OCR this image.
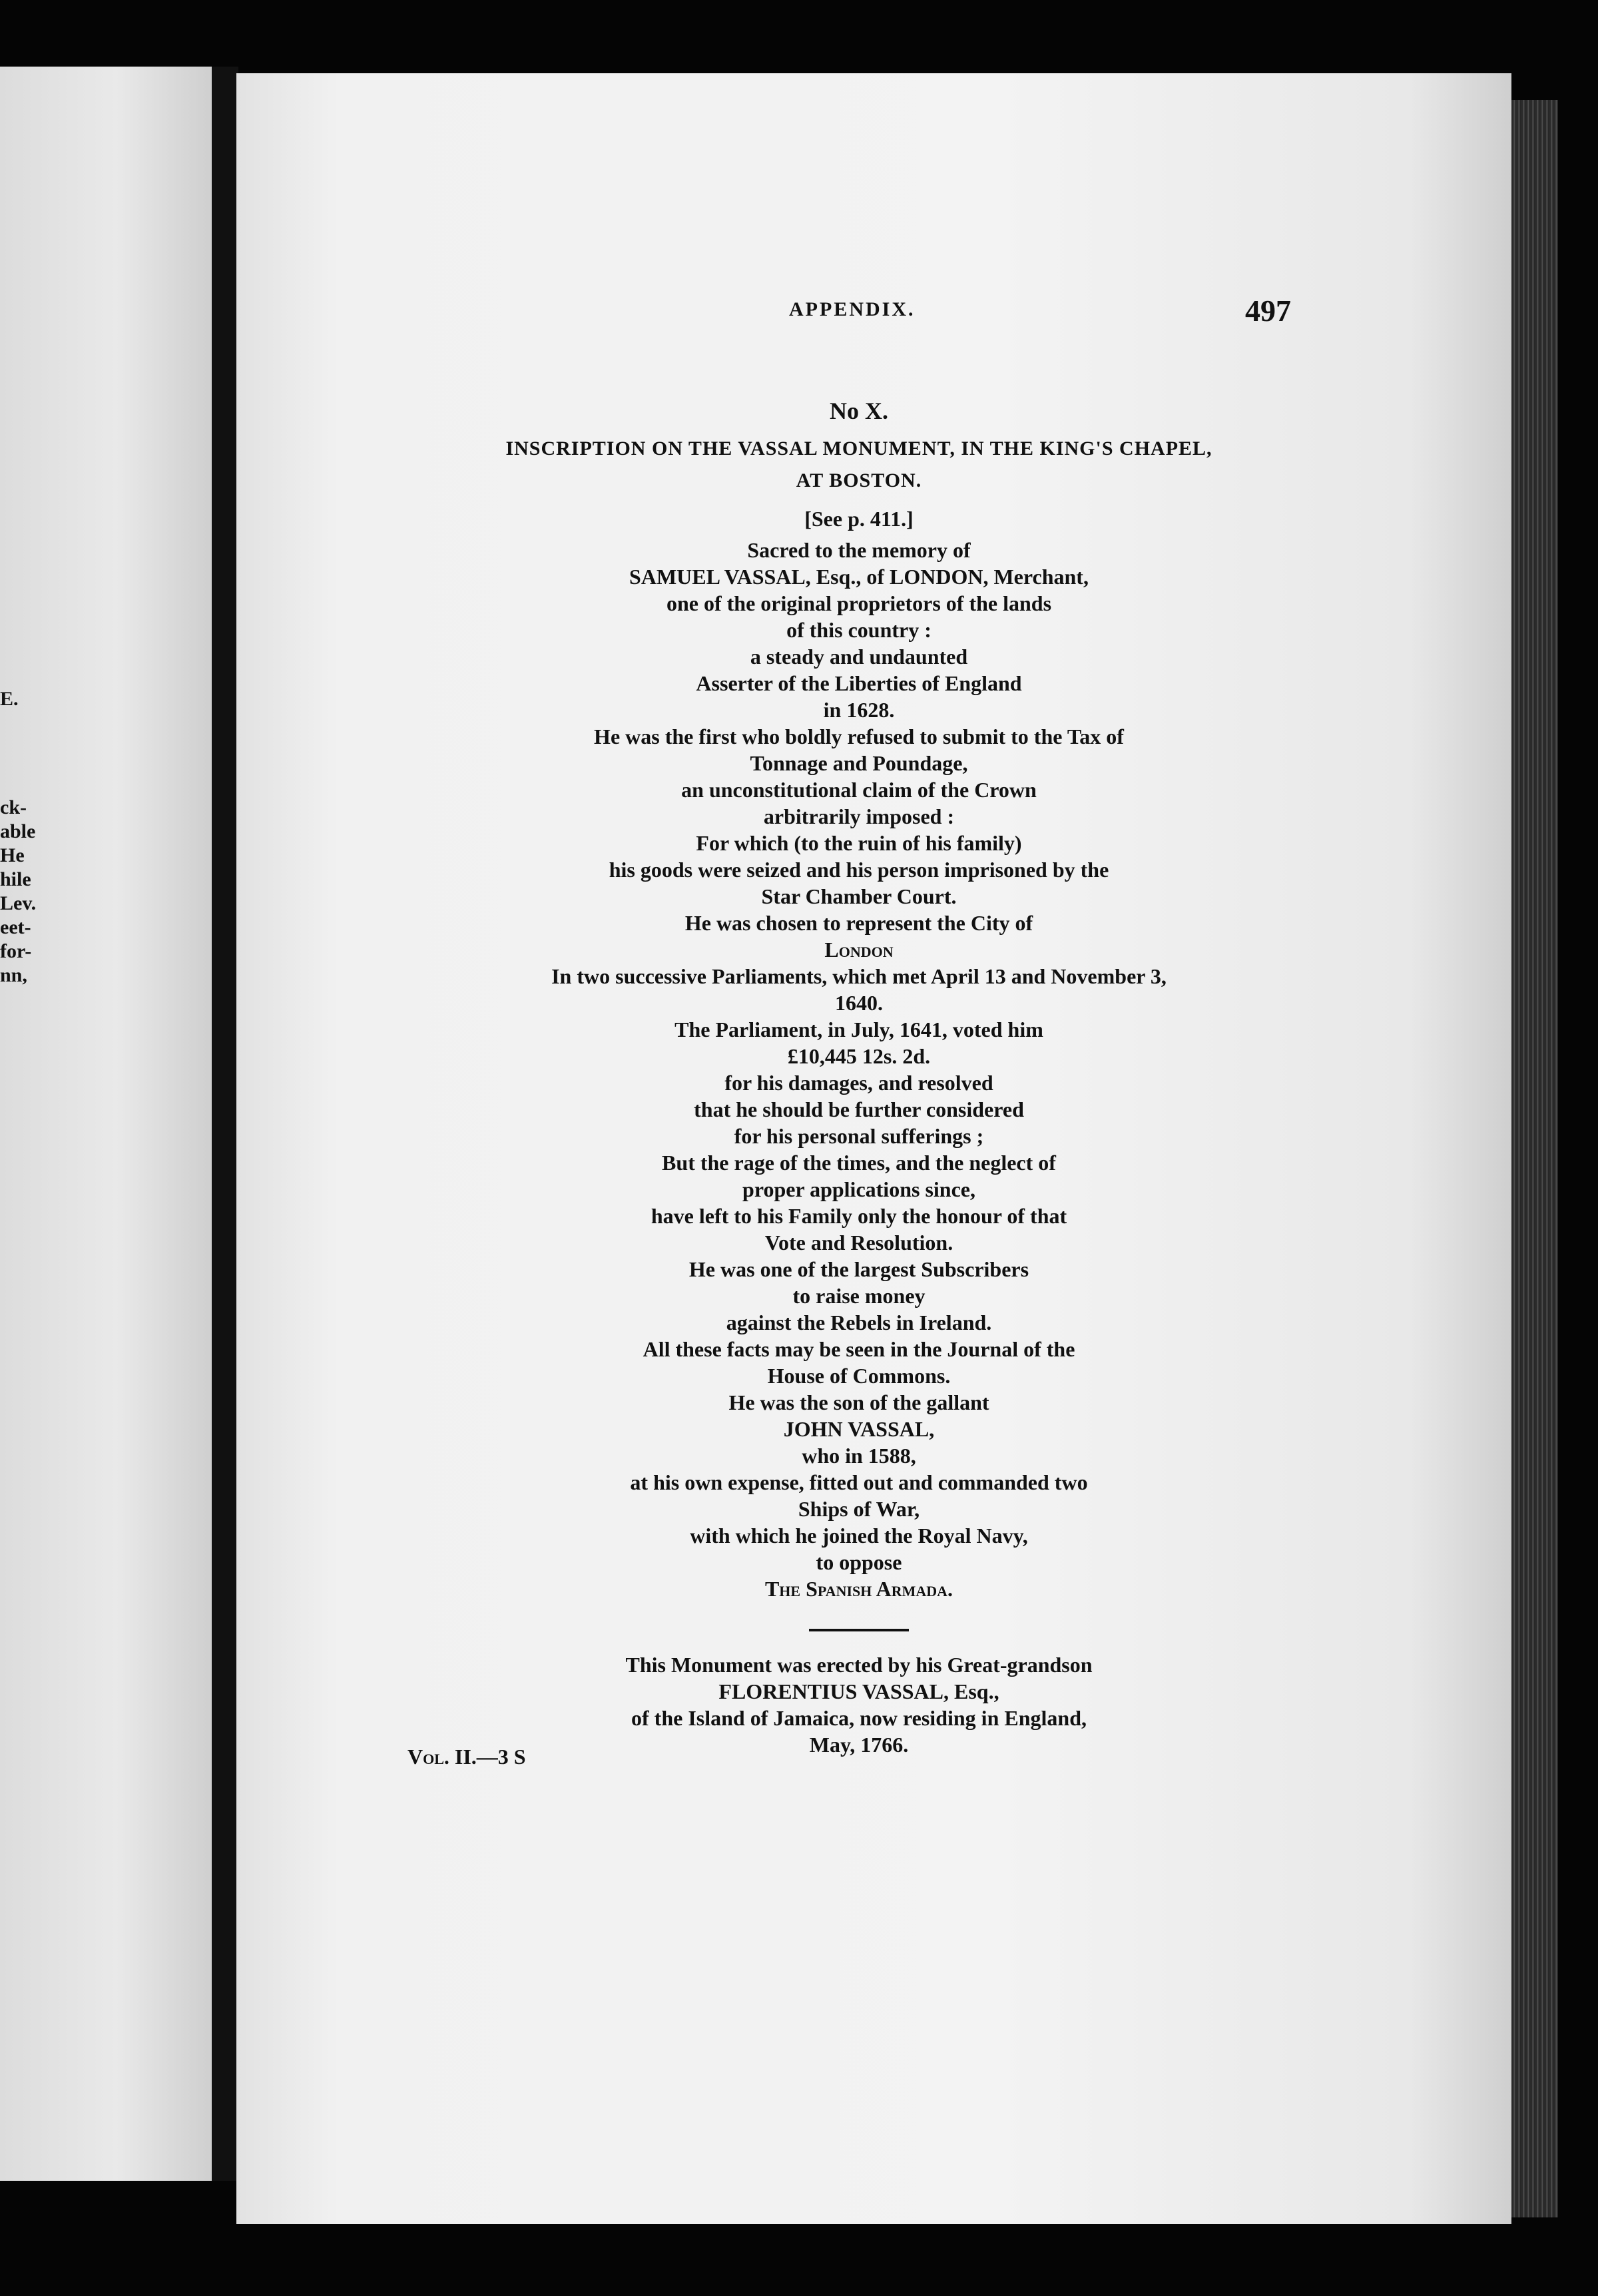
E.
ck-
able
He
hile
Lev.
eet-
for-
nn,
APPENDIX.	497
No X.
INSCRIPTION ON THE VASSAL MONUMENT, IN THE KING'S CHAPEL,
AT BOSTON.
[See p. 411.]
Sacred to the memory of
SAMUEL VASSAL, Esq., of LONDON, Merchant,
one of the original proprietors of the lands
of this country :
a steady and undaunted
Asserter of the Liberties of England
in 1628.
He was the first who boldly refused to submit to the Tax of
Tonnage and Poundage,
an unconstitutional claim of the Crown
arbitrarily imposed :
For which (to the ruin of his family)
his goods were seized and his person imprisoned by the
Star Chamber Court.
He was chosen to represent the City of
London
In two successive Parliaments, which met April 13 and November 3,
1640.
The Parliament, in July, 1641, voted him
£10,445 12s. 2d.
for his damages, and resolved
that he should be further considered
for his personal sufferings ;
But the rage of the times, and the neglect of
proper applications since,
have left to his Family only the honour of that
Vote and Resolution.
He was one of the largest Subscribers
to raise money
against the Rebels in Ireland.
All these facts may be seen in the Journal of the
House of Commons.
He was the son of the gallant
JOHN VASSAL,
who in 1588,
at his own expense, fitted out and commanded two
Ships of War,
with which he joined the Royal Navy,
to oppose
The Spanish Armada.
This Monument was erected by his Great-grandson
FLORENTIUS VASSAL, Esq.,
of the Island of Jamaica, now residing in England,
May, 1766.
Vol. II.—3 S
